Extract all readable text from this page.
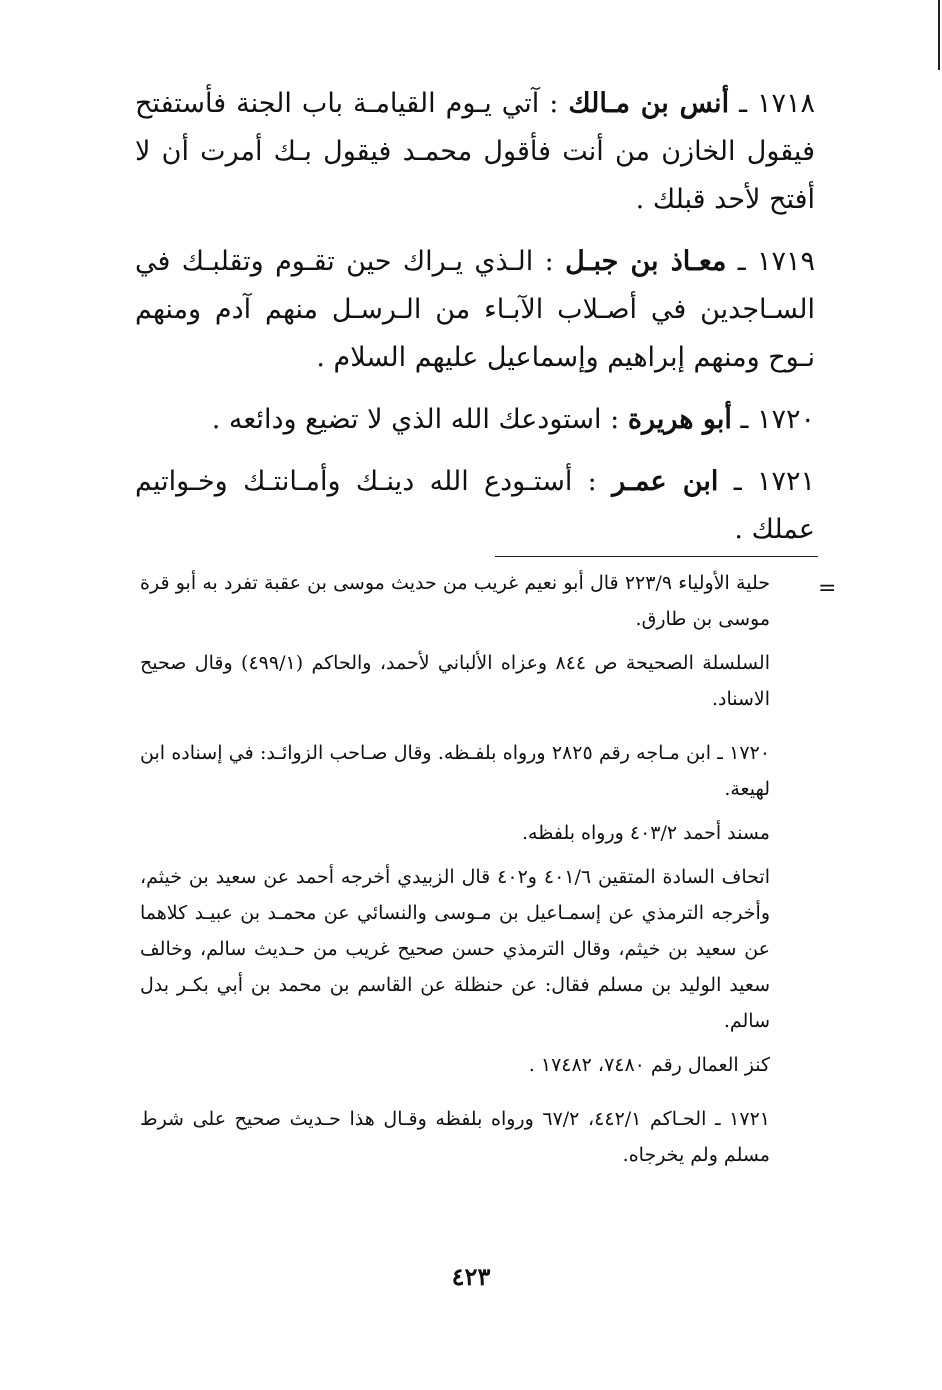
١٧١٨ ـ أنس بن مـالك : آتي يـوم القيامـة باب الجنة فأستفتح فيقول الخازن من أنت فأقول محمـد فيقول بـك أمرت أن لا أفتح لأحد قبلك .

١٧١٩ ـ معـاذ بن جبـل : الـذي يـراك حين تقـوم وتقلبـك في السـاجدين في أصـلاب الآبـاء من الـرسـل منهم آدم ومنهم نـوح ومنهم إبراهيم وإسماعيل عليهم السلام .

١٧٢٠ ـ أبو هريرة : استودعك الله الذي لا تضيع ودائعه .

١٧٢١ ـ ابن عمـر : أستـودع الله دينـك وأمـانتـك وخـواتيم عملك .

=

حلية الأولياء ٢٢٣/٩ قال أبو نعيم غريب من حديث موسى بن عقبة تفرد به أبو قرة موسى بن طارق.

السلسلة الصحيحة ص ٨٤٤ وعزاه الألباني لأحمد، والحاكم (٤٩٩/١) وقال صحيح الاسناد.

١٧٢٠ ـ ابن مـاجه رقم ٢٨٢٥ ورواه بلفـظه. وقال صـاحب الزوائـد: في إسناده ابن لهيعة.

مسند أحمد ٤٠٣/٢ ورواه بلفظه.

اتحاف السادة المتقين ٤٠١/٦ و٤٠٢ قال الزبيدي أخرجه أحمد عن سعيد بن خيثم، وأخرجه الترمذي عن إسمـاعيل بن مـوسى والنسائي عن محمـد بن عبيـد كلاهما عن سعيد بن خيثم، وقال الترمذي حسن صحيح غريب من حـديث سالم، وخالف سعيد الوليد بن مسلم فقال: عن حنظلة عن القاسم بن محمد بن أبي بكـر بدل سالم.

كنز العمال رقم ٧٤٨٠، ١٧٤٨٢ .

١٧٢١ ـ الحـاكم ٤٤٢/١، ٦٧/٢ ورواه بلفظه وقـال هذا حـديث صحيح على شرط مسلم ولم يخرجاه.

٤٢٣
